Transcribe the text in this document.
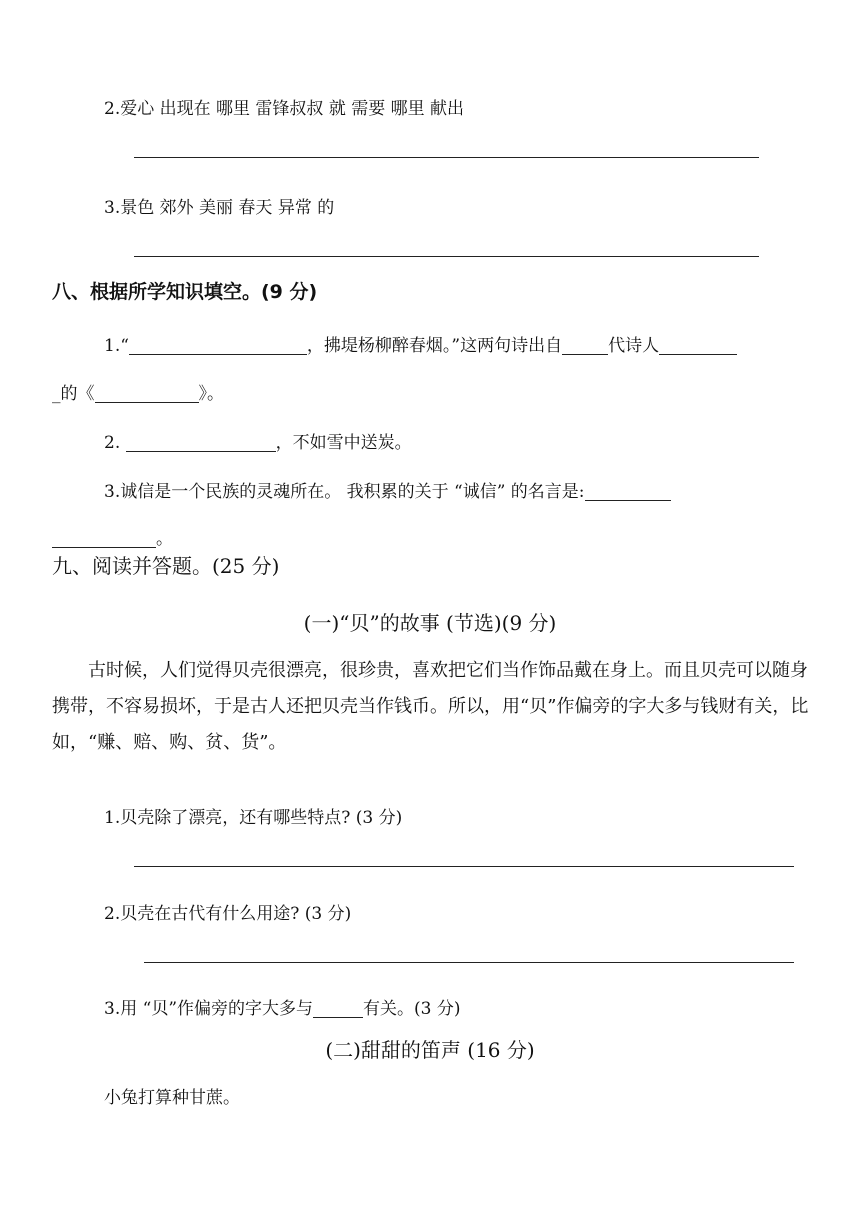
2.爱心 出现在 哪里 雷锋叔叔 就 需要 哪里 献出
3.景色 郊外 美丽 春天 异常 的
八、根据所学知识填空。(9 分)
1.“	，拂堤杨柳醉春烟。”这两句诗出自	代诗人
_的《	》。
2.	，不如雪中送炭。
3.诚信是一个民族的灵魂所在。 我积累的关于 “诚信” 的名言是:
。
九、阅读并答题。(25 分)
(一)“贝”的故事 (节选)(9 分)
古时候，人们觉得贝壳很漂亮，很珍贵，喜欢把它们当作饰品戴在身上。而且贝壳可以随身携带，不容易损坏，于是古人还把贝壳当作钱币。所以，用“贝”作偏旁的字大多与钱财有关，比如，“赚、赔、购、贫、货”。
1.贝壳除了漂亮，还有哪些特点? (3 分)
2.贝壳在古代有什么用途? (3 分)
3.用 “贝”作偏旁的字大多与	有关。(3 分)
(二)甜甜的笛声 (16 分)
小兔打算种甘蔗。
